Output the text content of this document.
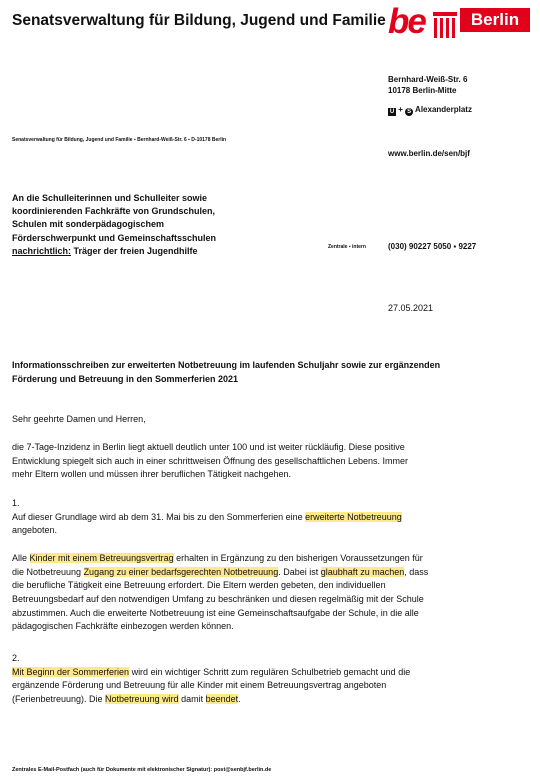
Senatsverwaltung für Bildung, Jugend und Familie be	Berlin
Bernhard-Weiß-Str. 6
10178 Berlin-Mitte
U + S Alexanderplatz
www.berlin.de/sen/bjf
Senatsverwaltung für Bildung, Jugend und Familie ▪ Bernhard-Weiß-Str. 6 ▪ D-10178 Berlin
An die Schulleiterinnen und Schulleiter sowie
koordinierenden Fachkräfte von Grundschulen,
Schulen mit sonderpädagogischem
Förderschwerpunkt und Gemeinschaftsschulen
nachrichtlich: Träger der freien Jugendhilfe	Zentrale ▪ intern	(030) 90227 5050 ▪ 9227
27.05.2021
Informationsschreiben zur erweiterten Notbetreuung im laufenden Schuljahr sowie zur ergänzenden
Förderung und Betreuung in den Sommerferien 2021
Sehr geehrte Damen und Herren,
die 7-Tage-Inzidenz in Berlin liegt aktuell deutlich unter 100 und ist weiter rückläufig. Diese positive
Entwicklung spiegelt sich auch in einer schrittweisen Öffnung des gesellschaftlichen Lebens. Immer
mehr Eltern wollen und müssen ihrer beruflichen Tätigkeit nachgehen.
1.
Auf dieser Grundlage wird ab dem 31. Mai bis zu den Sommerferien eine erweiterte Notbetreuung
angeboten.
Alle Kinder mit einem Betreuungsvertrag erhalten in Ergänzung zu den bisherigen Voraussetzungen für
die Notbetreuung Zugang zu einer bedarfsgerechten Notbetreuung. Dabei ist glaubhaft zu machen, dass
die berufliche Tätigkeit eine Betreuung erfordert. Die Eltern werden gebeten, den individuellen
Betreuungsbedarf auf den notwendigen Umfang zu beschränken und diesen regelmäßig mit der Schule
abzustimmen. Auch die erweiterte Notbetreuung ist eine Gemeinschaftsaufgabe der Schule, in die alle
pädagogischen Fachkräfte einbezogen werden können.
2.
Mit Beginn der Sommerferien wird ein wichtiger Schritt zum regulären Schulbetrieb gemacht und die
ergänzende Förderung und Betreuung für alle Kinder mit einem Betreuungsvertrag angeboten
(Ferienbetreuung). Die Notbetreuung wird damit beendet.
Zentrales E-Mail-Postfach (auch für Dokumente mit elektronischer Signatur): post@senbjf.berlin.de
